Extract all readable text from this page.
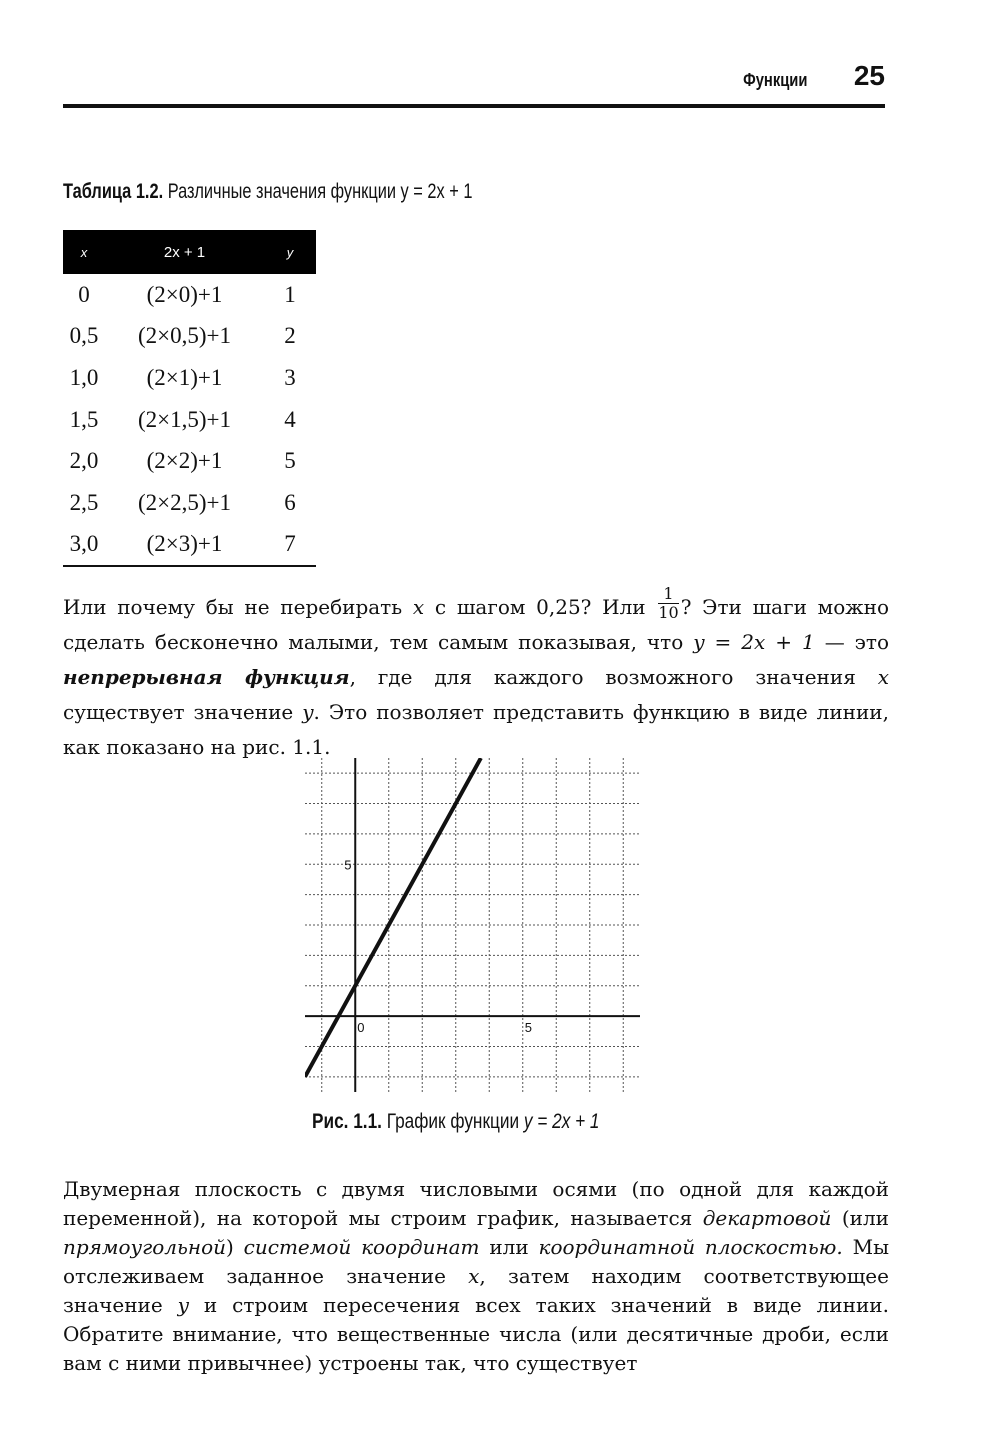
Функции 25
Таблица 1.2. Различные значения функции y = 2x + 1
x	2x + 1	y
0	(2×0)+1	1
0,5	(2×0,5)+1	2
1,0	(2×1)+1	3
1,5	(2×1,5)+1	4
2,0	(2×2)+1	5
2,5	(2×2,5)+1	6
3,0	(2×3)+1	7
Или почему бы не перебирать x с шагом 0,25? Или $\frac{1}{10}$ ? Эти шаги можно сделать бесконечно малыми, тем самым показывая, что y = 2x + 1 — это непрерывная функция, где для каждого возможного значения x существует значение y. Это позволяет представить функцию в виде линии, как показано на рис. 1.1.
0	5
5
Рис. 1.1. График функции y = 2x + 1
Двумерная плоскость с двумя числовыми осями (по одной для каждой переменной), на которой мы строим график, называется декартовой (или прямоугольной) системой координат или координатной плоскостью. Мы отслеживаем заданное значение x, затем находим соответствующее значение y и строим пересечения всех таких значений в виде линии. Обратите внимание, что вещественные числа (или десятичные дроби, если вам с ними привычнее) устроены так, что существует
